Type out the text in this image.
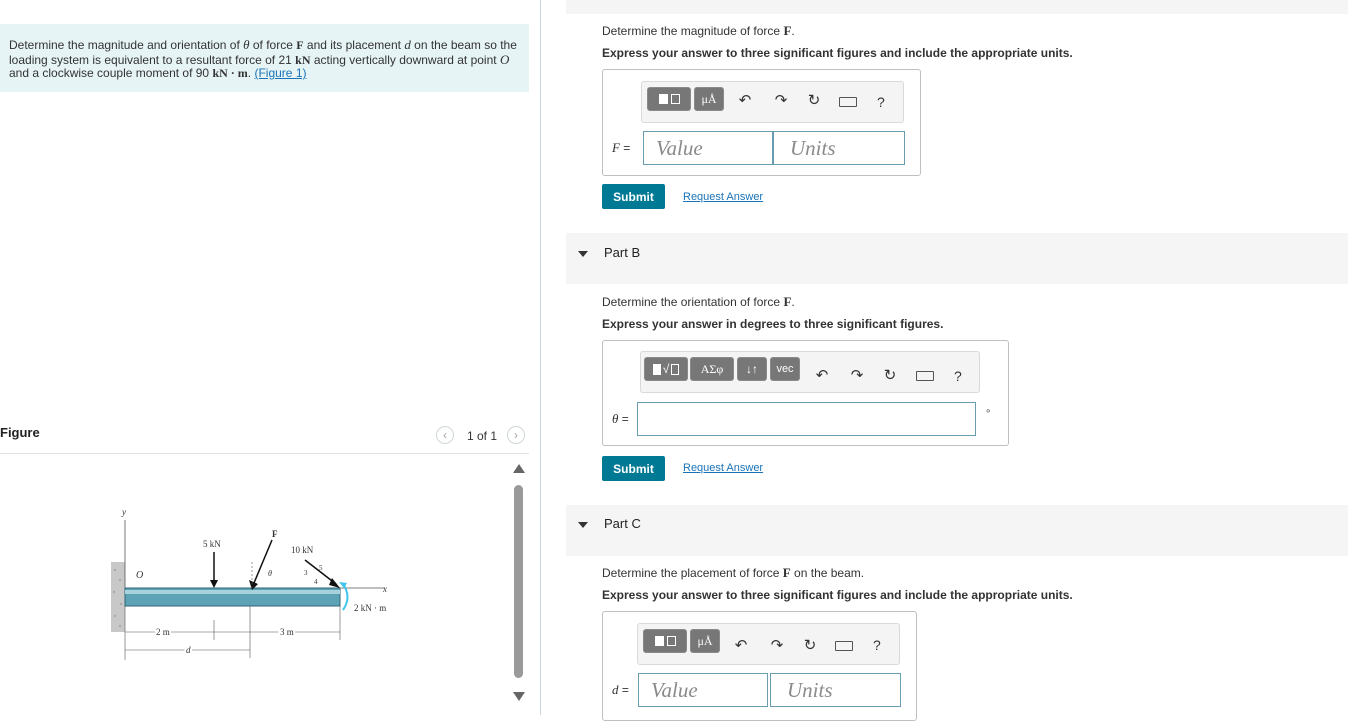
Determine the magnitude and orientation of θ of force F and its placement d on the beam so the loading system is equivalent to a resultant force of 21 kN acting vertically downward at point O and a clockwise couple moment of 90 kN · m. (Figure 1)
Figure	‹ 1 of 1 ›
y
O
x
5 kN
F
θ
10 kN
3
4
5
2 kN · m
2 m	3 m
d
Determine the magnitude of force F.
Express your answer to three significant figures and include the appropriate units.
μÅ ↶ ↷ ↻	?
F =	Value	Units
Submit	Request Answer
Part B
Determine the orientation of force F.
Express your answer in degrees to three significant figures.
√	ΑΣφ ↓↑ vec ↶ ↷ ↻	?
θ =
∘
Submit	Request Answer
Part C
Determine the placement of force F on the beam.
Express your answer to three significant figures and include the appropriate units.
μÅ ↶ ↷ ↻	?
d =	Value	Units
